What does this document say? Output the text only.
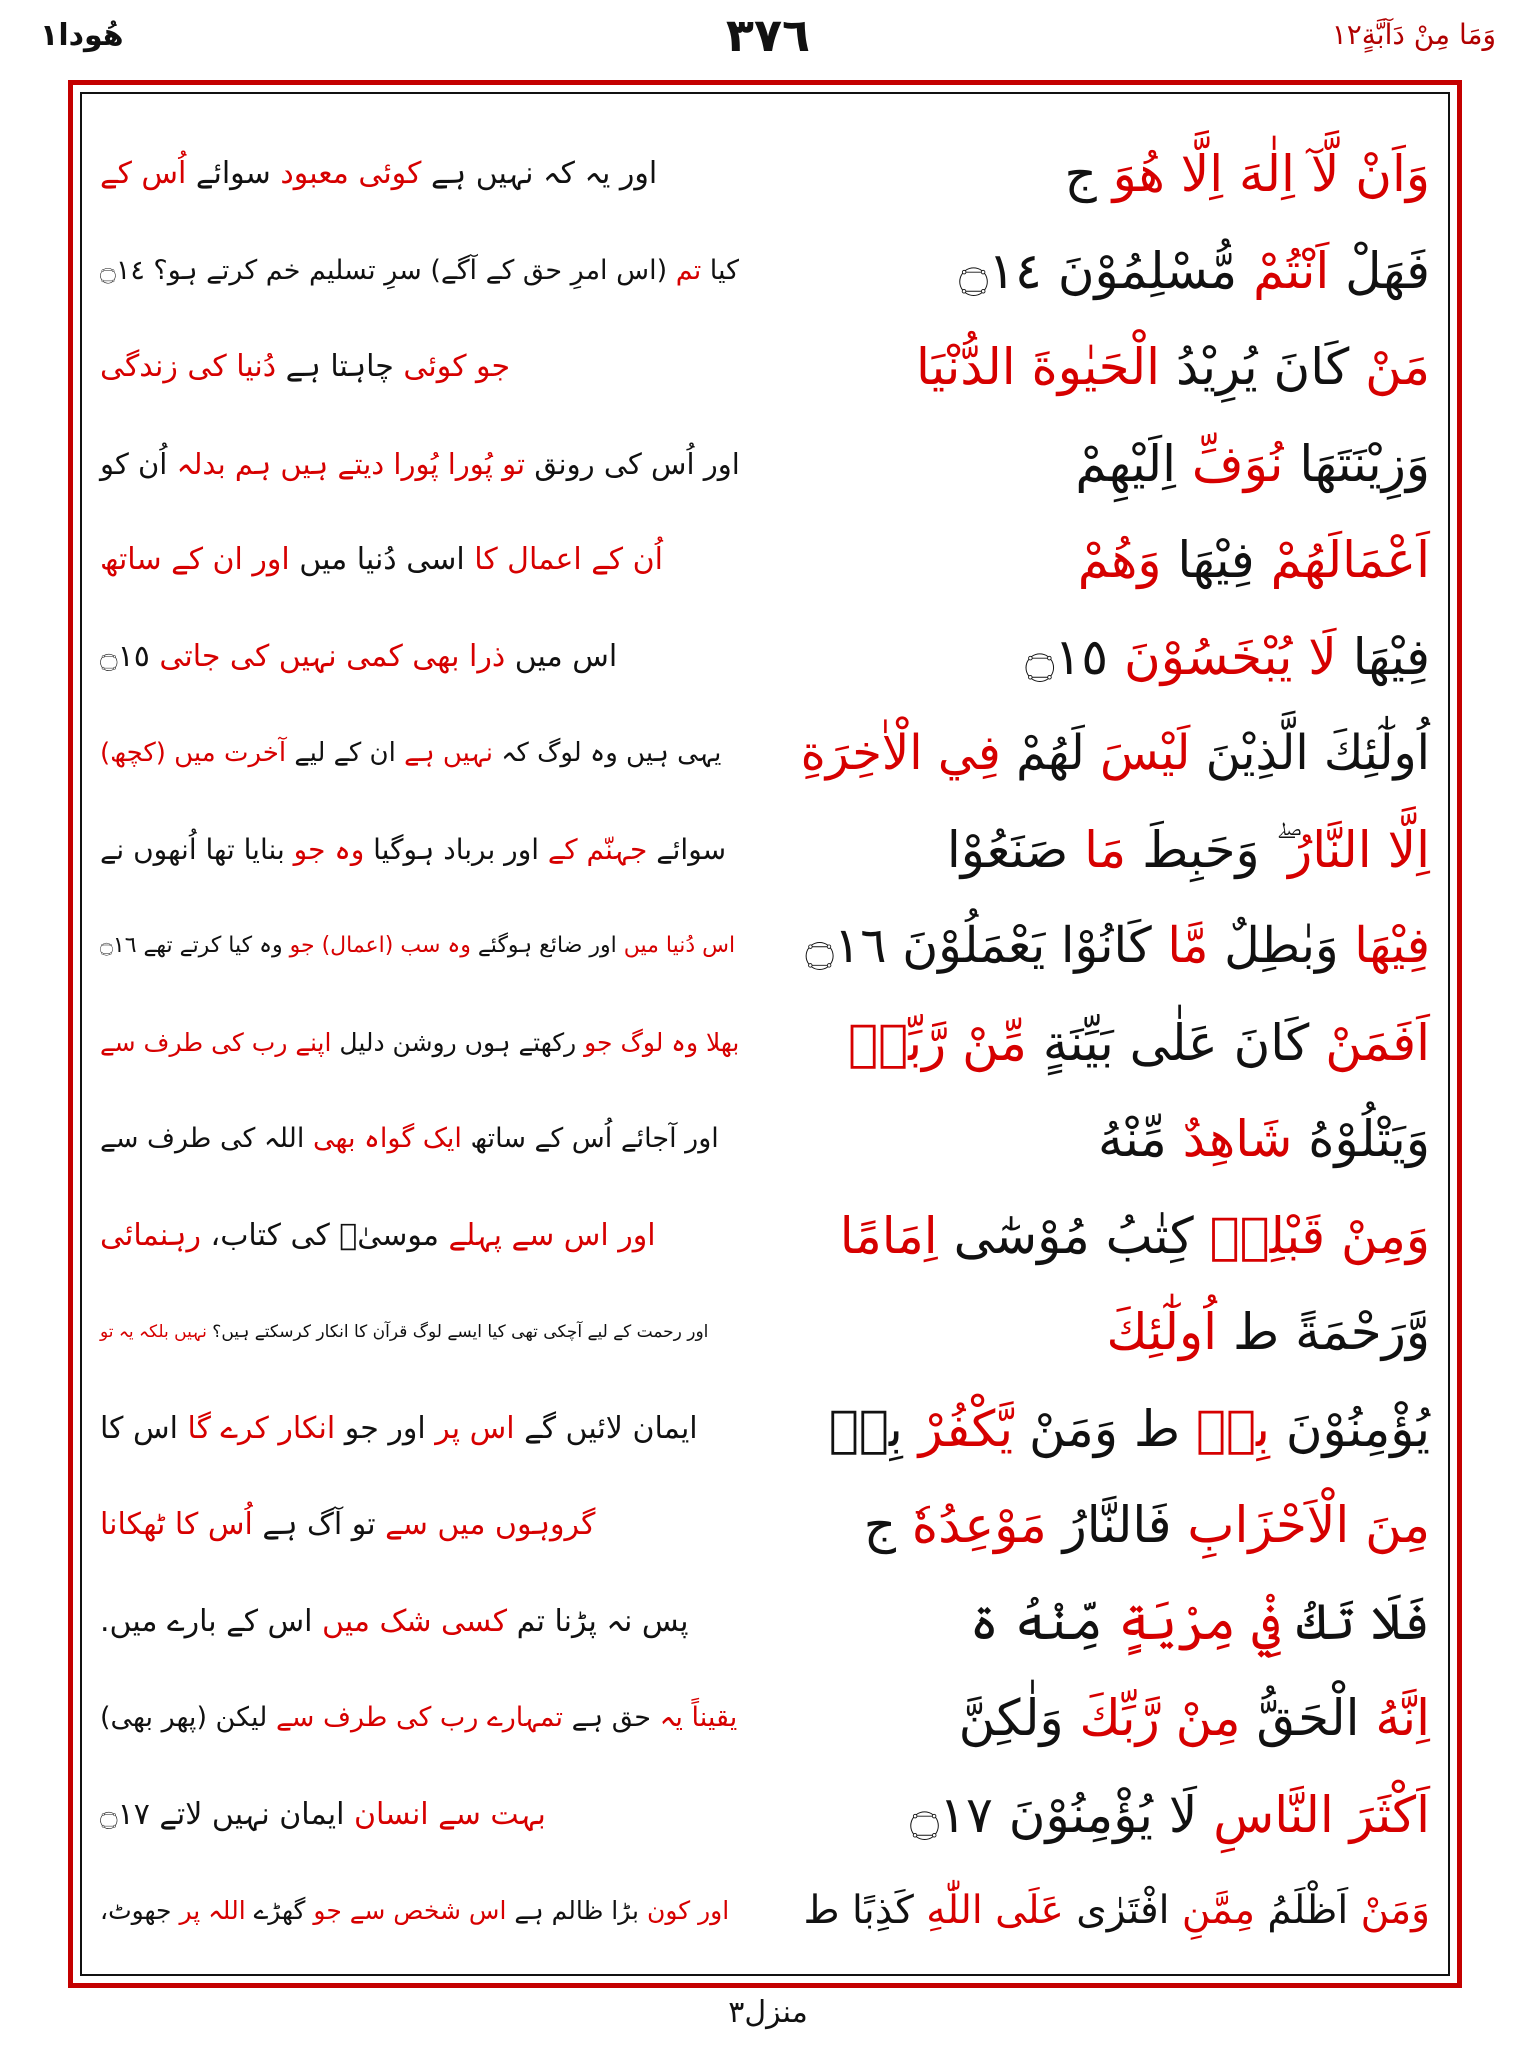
هُودا١	٣٧٦	وَمَا مِنْ دَآبَّةٍ١٢
اور یہ کہ نہیں ہے کوئی معبود سوائے اُس کے	وَاَنْ لَّآ اِلٰهَ اِلَّا هُوَ ج
کیا تم (اس امرِ حق کے آگے) سرِ تسلیم خم کرتے ہو؟ ۝١٤	فَهَلْ اَنْتُمْ مُّسْلِمُوْنَ ۝١٤
جو کوئی چاہتا ہے دُنیا کی زندگی	مَنْ كَانَ يُرِيْدُ الْحَيٰوةَ الدُّنْيَا
اور اُس کی رونق تو پُورا پُورا دیتے ہیں ہم بدلہ اُن کو	وَزِيْنَتَهَا نُوَفِّ اِلَيْهِمْ
اُن کے اعمال کا اسی دُنیا میں اور ان کے ساتھ	اَعْمَالَهُمْ فِيْهَا وَهُمْ
اس میں ذرا بھی کمی نہیں کی جاتی ۝١٥	فِيْهَا لَا يُبْخَسُوْنَ ۝١٥
یہی ہیں وہ لوگ کہ نہیں ہے ان کے لیے آخرت میں (کچھ)	اُولٰٓئِكَ الَّذِيْنَ لَيْسَ لَهُمْ فِي الْاٰخِرَةِ
سوائے جہنّم کے اور برباد ہوگیا وہ جو بنایا تھا اُنھوں نے	اِلَّا النَّارُ ۖ وَحَبِطَ مَا صَنَعُوْا
اس دُنیا میں اور ضائع ہوگئے وہ سب (اعمال) جو وہ کیا کرتے تھے ۝١٦	فِيْهَا وَبٰطِلٌ مَّا كَانُوْا يَعْمَلُوْنَ ۝١٦
بھلا وہ لوگ جو رکھتے ہوں روشن دلیل اپنے رب کی طرف سے	اَفَمَنْ كَانَ عَلٰى بَيِّنَةٍ مِّنْ رَّبِّهٖ
اور آجائے اُس کے ساتھ ایک گواہ بھی اللہ کی طرف سے	وَيَتْلُوْهُ شَاهِدٌ مِّنْهُ
اور اس سے پہلے موسیٰؑ کی کتاب، رہنمائی	وَمِنْ قَبْلِهٖ كِتٰبُ مُوْسٰٓى اِمَامًا
اور رحمت کے لیے آچکی تھی کیا ایسے لوگ قرآن کا انکار کرسکتے ہیں؟ نہیں بلکہ یہ تو	وَّرَحْمَةً ط اُولٰٓئِكَ
ایمان لائیں گے اس پر اور جو انکار کرے گا اس کا	يُؤْمِنُوْنَ بِهٖ ط وَمَنْ يَّكْفُرْ بِهٖ
گروہوں میں سے تو آگ ہے اُس کا ٹھکانا	مِنَ الْاَحْزَابِ فَالنَّارُ مَوْعِدُهٗ ج
پس نہ پڑنا تم کسی شک میں اس کے بارے میں.	فَلَا تَكُ فِيْ مِرْيَةٍ مِّنْهُ ۃ
یقیناً یہ حق ہے تمہارے رب کی طرف سے لیکن (پھر بھی)	اِنَّهُ الْحَقُّ مِنْ رَّبِّكَ وَلٰكِنَّ
بہت سے انسان ایمان نہیں لاتے ۝١٧	اَكْثَرَ النَّاسِ لَا يُؤْمِنُوْنَ ۝١٧
اور کون بڑا ظالم ہے اس شخص سے جو گھڑے اللہ پر جھوٹ،	وَمَنْ اَظْلَمُ مِمَّنِ افْتَرٰى عَلَى اللّٰهِ كَذِبًا ط
منزل٣
